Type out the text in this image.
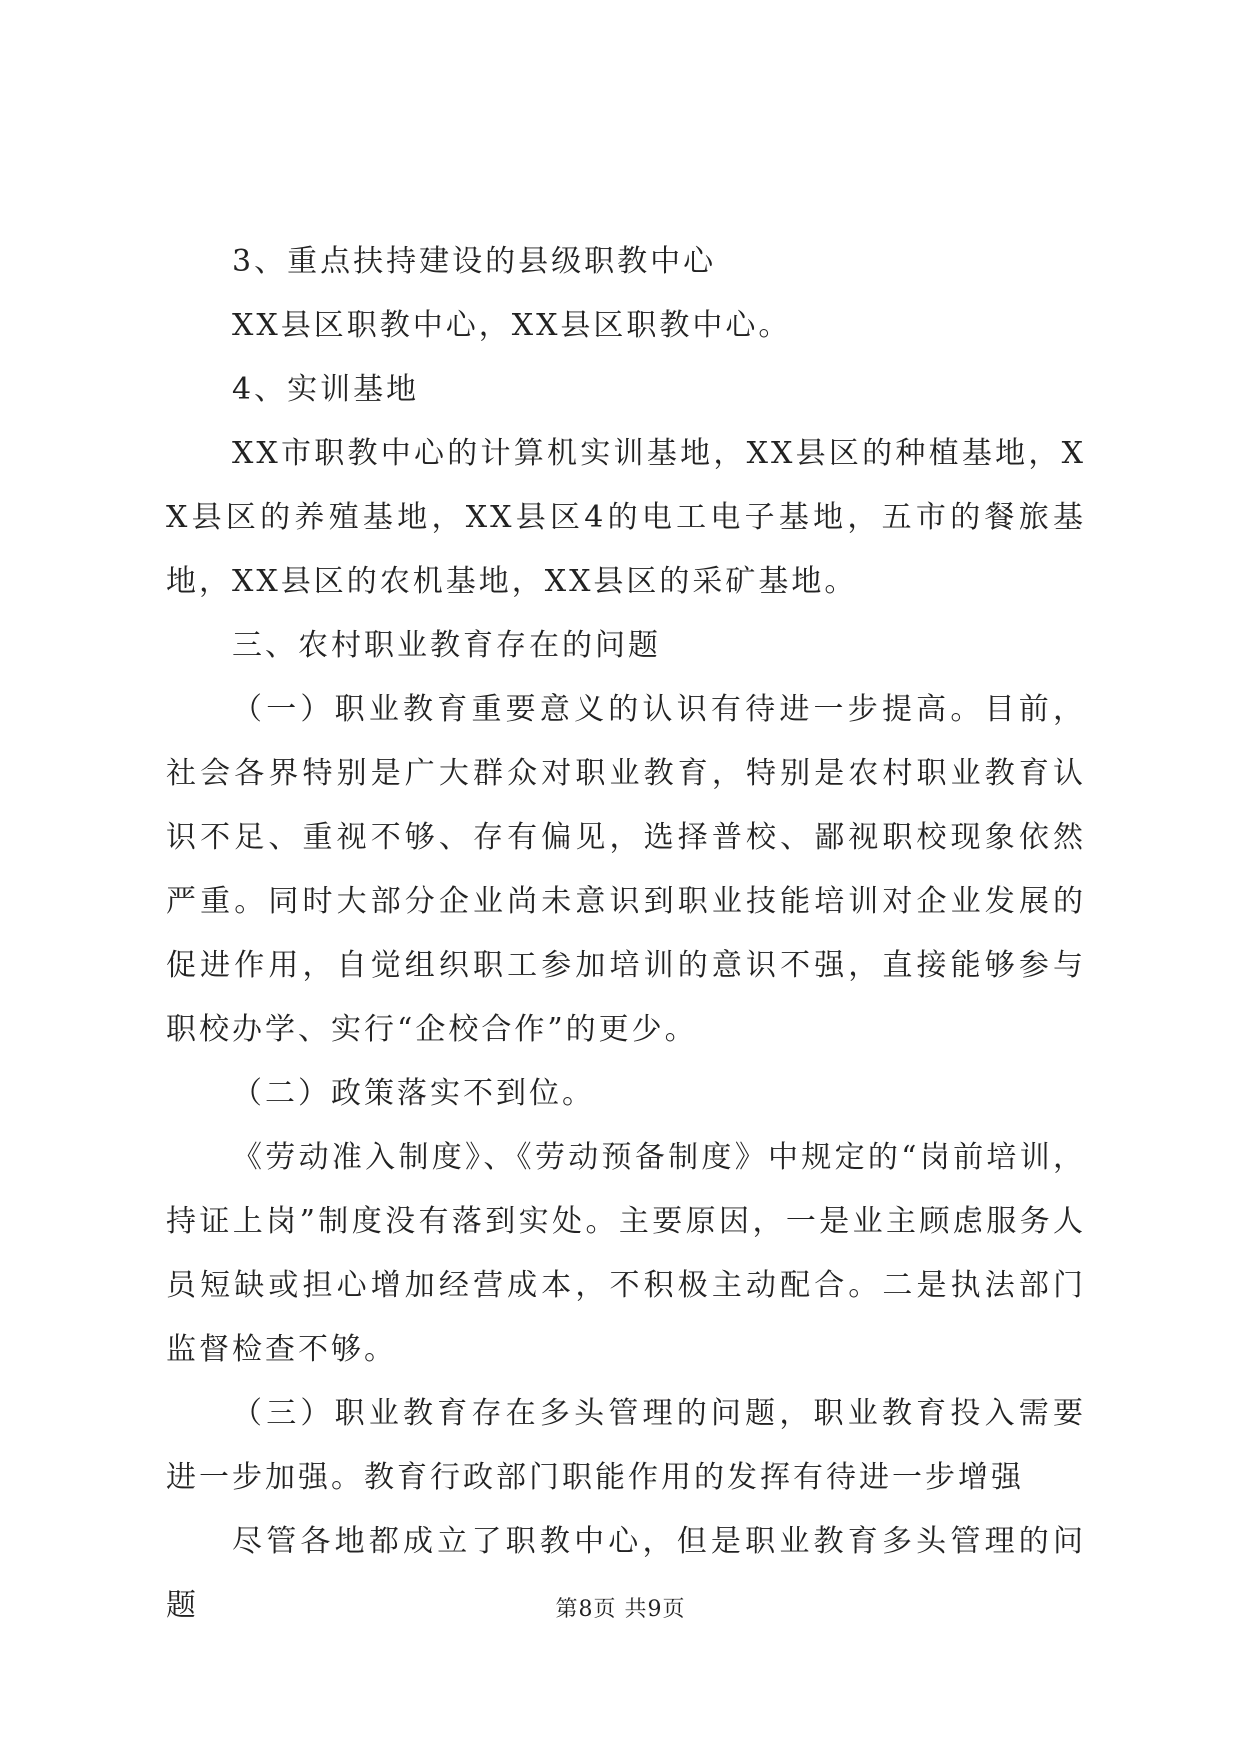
3、重点扶持建设的县级职教中心

XX县区职教中心，XX县区职教中心。

4、实训基地

XX市职教中心的计算机实训基地，XX县区的种植基地，XX县区的养殖基地，XX县区4的电工电子基地，五市的餐旅基地，XX县区的农机基地，XX县区的采矿基地。

三、农村职业教育存在的问题

（一）职业教育重要意义的认识有待进一步提高。目前，社会各界特别是广大群众对职业教育，特别是农村职业教育认识不足、重视不够、存有偏见，选择普校、鄙视职校现象依然严重。同时大部分企业尚未意识到职业技能培训对企业发展的促进作用，自觉组织职工参加培训的意识不强，直接能够参与职校办学、实行“企校合作”的更少。

（二）政策落实不到位。

《劳动准入制度》、《劳动预备制度》中规定的“岗前培训，持证上岗”制度没有落到实处。主要原因，一是业主顾虑服务人员短缺或担心增加经营成本，不积极主动配合。二是执法部门监督检查不够。

（三）职业教育存在多头管理的问题，职业教育投入需要进一步加强。教育行政部门职能作用的发挥有待进一步增强

尽管各地都成立了职教中心，但是职业教育多头管理的问题	第8页 共9页
